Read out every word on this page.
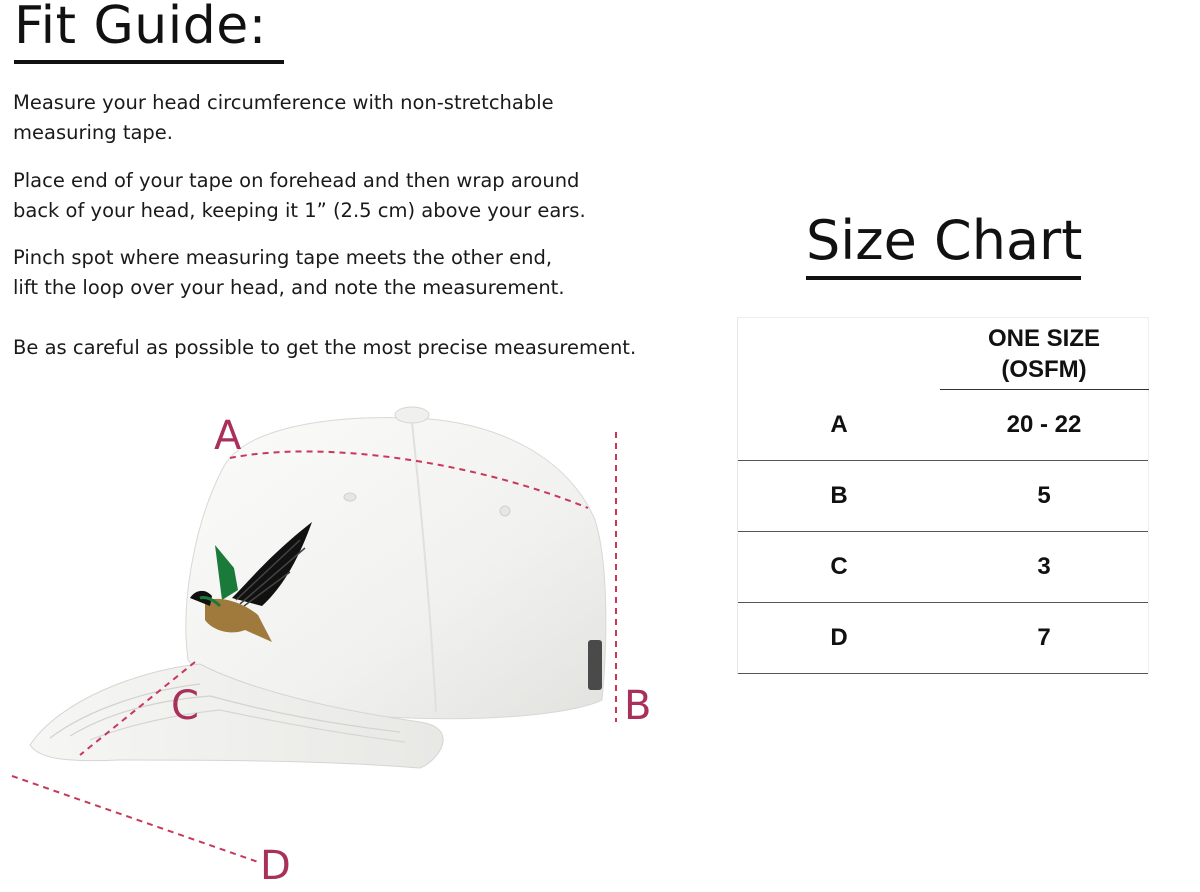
Fit Guide:

Measure your head circumference with non-stretchable
measuring tape.

Place end of your tape on forehead and then wrap around
back of your head, keeping it 1” (2.5 cm) above your ears.

Pinch spot where measuring tape meets the other end,
lift the loop over your head, and note the measurement.

Be as careful as possible to get the most precise measurement.

Size Chart
	ONE SIZE
(OSFM)
A	20 - 22
B	5
C	3
D	7
A
B
C
D
